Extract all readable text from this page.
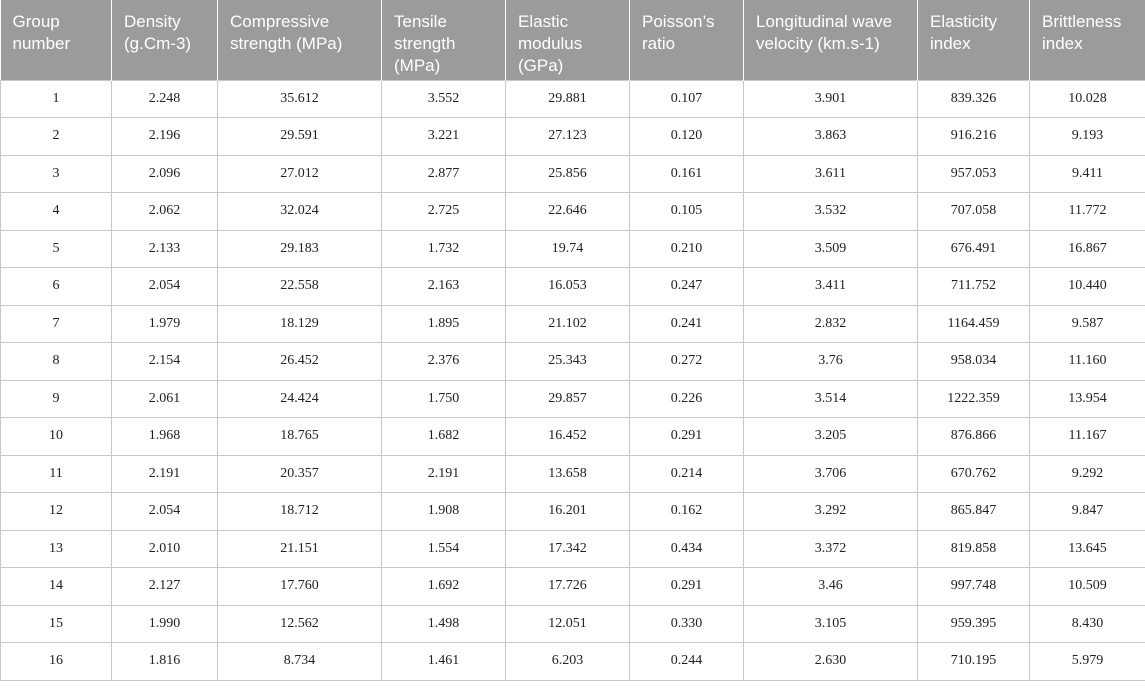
Group number	Density (g.Cm-3)	Compressive strength (MPa)	Tensile strength (MPa)	Elastic modulus (GPa)	Poisson’s ratio	Longitudinal wave velocity (km.s-1)	Elasticity index	Brittleness index
1	2.248	35.612	3.552	29.881	0.107	3.901	839.326	10.028
2	2.196	29.591	3.221	27.123	0.120	3.863	916.216	9.193
3	2.096	27.012	2.877	25.856	0.161	3.611	957.053	9.411
4	2.062	32.024	2.725	22.646	0.105	3.532	707.058	11.772
5	2.133	29.183	1.732	19.74	0.210	3.509	676.491	16.867
6	2.054	22.558	2.163	16.053	0.247	3.411	711.752	10.440
7	1.979	18.129	1.895	21.102	0.241	2.832	1164.459	9.587
8	2.154	26.452	2.376	25.343	0.272	3.76	958.034	11.160
9	2.061	24.424	1.750	29.857	0.226	3.514	1222.359	13.954
10	1.968	18.765	1.682	16.452	0.291	3.205	876.866	11.167
11	2.191	20.357	2.191	13.658	0.214	3.706	670.762	9.292
12	2.054	18.712	1.908	16.201	0.162	3.292	865.847	9.847
13	2.010	21.151	1.554	17.342	0.434	3.372	819.858	13.645
14	2.127	17.760	1.692	17.726	0.291	3.46	997.748	10.509
15	1.990	12.562	1.498	12.051	0.330	3.105	959.395	8.430
16	1.816	8.734	1.461	6.203	0.244	2.630	710.195	5.979
